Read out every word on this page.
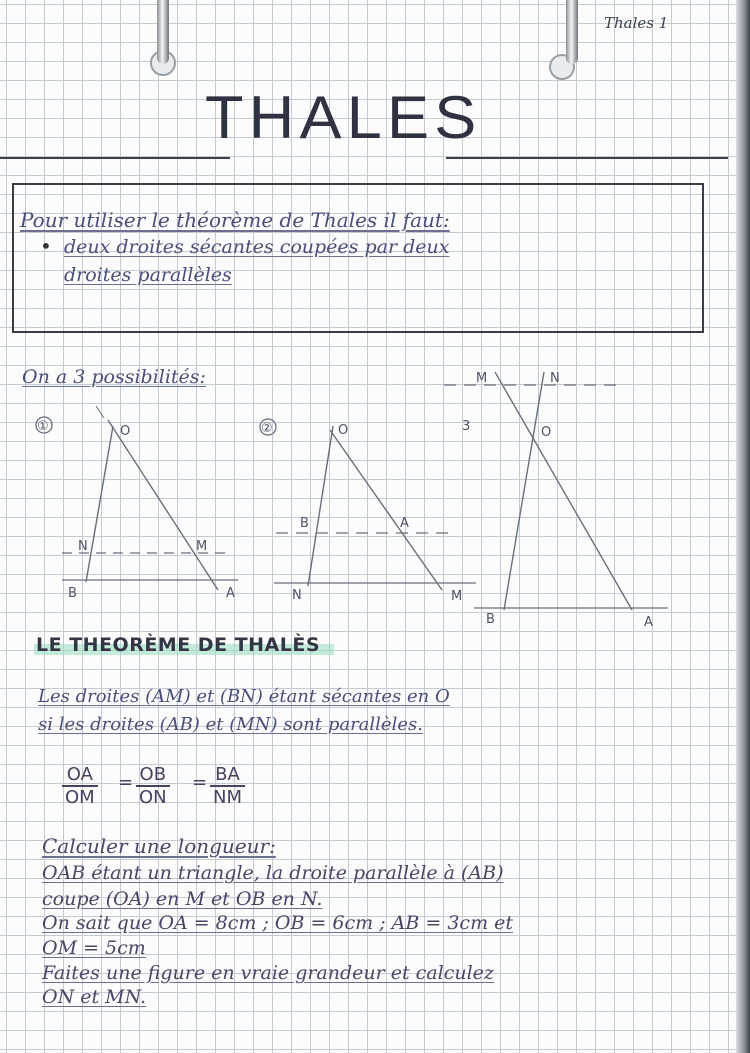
Thales 1
THALES
Pour utiliser le théorème de Thales il faut:
• deux droites sécantes coupées par deux
droites parallèles
On a 3 possibilités:
①	O
N	M
B	A
②	O
B	A
N	M
3
M	N
O
B	A
LE THEORÈME DE THALÈS
Les droites (AM) et (BN) étant sécantes en O
si les droites (AB) et (MN) sont parallèles.
$\frac{OA}{OM} = \frac{OB}{ON} = \frac{BA}{NM}$
Calculer une longueur:
OAB étant un triangle, la droite parallèle à (AB)
coupe (OA) en M et OB en N.
On sait que OA = 8cm ; OB = 6cm ; AB = 3cm et
OM = 5cm
Faites une figure en vraie grandeur et calculez
ON et MN.
